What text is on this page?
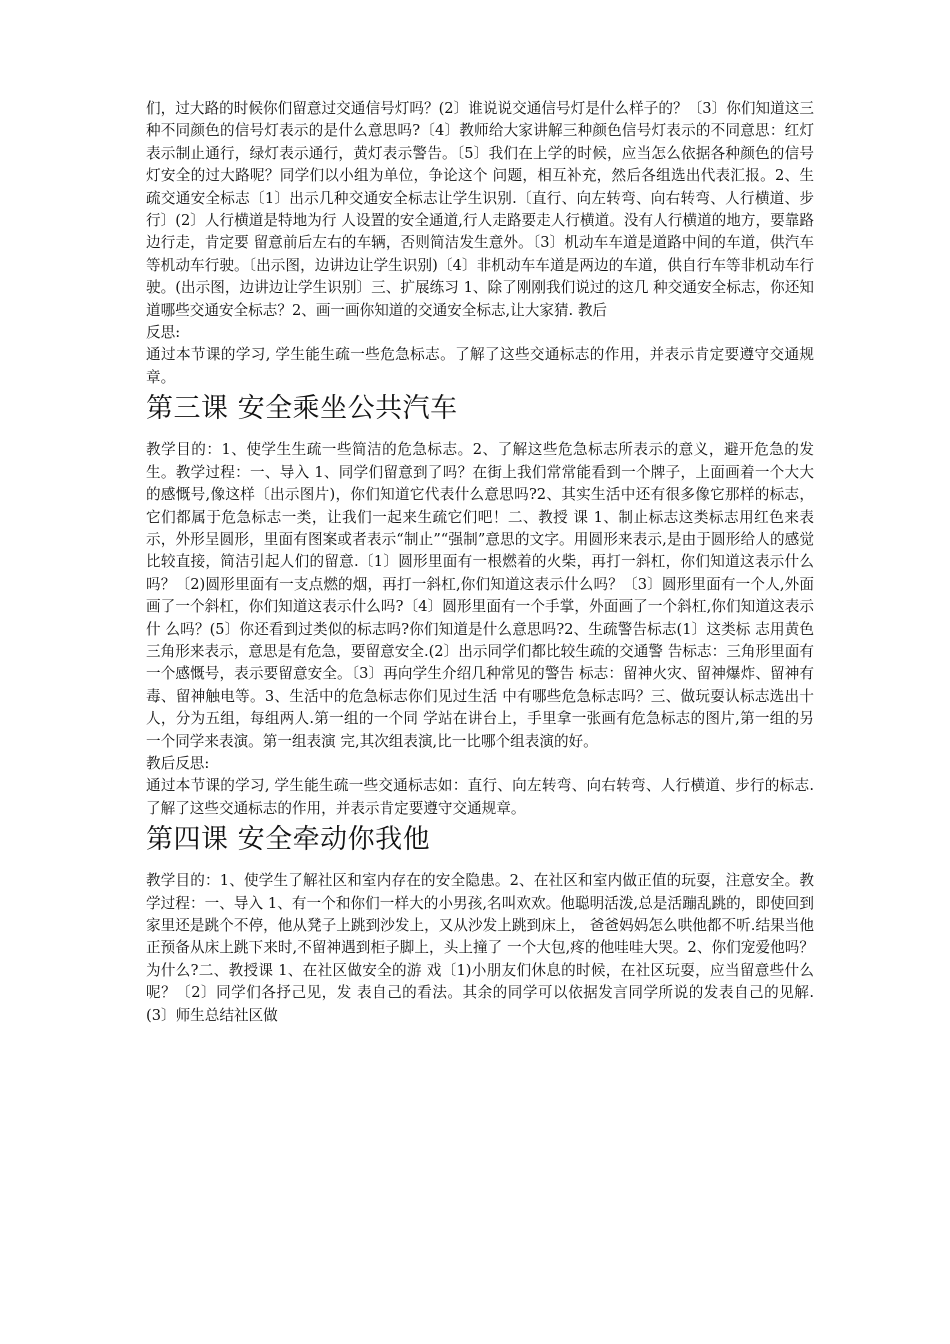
们，过大路的时候你们留意过交通信号灯吗？(2〕谁说说交通信号灯是什么样子的？〔3〕你们知道这三种不同颜色的信号灯表示的是什么意思吗?〔4〕教师给大家讲解三种颜色信号灯表示的不同意思：红灯表示制止通行，绿灯表示通行，黄灯表示警告。〔5〕我们在上学的时候，应当怎么依据各种颜色的信号灯安全的过大路呢？同学们以小组为单位，争论这个 问题，相互补充，然后各组选出代表汇报。2、生疏交通安全标志〔1〕出示几种交通安全标志让学生识别.〔直行、向左转弯、向右转弯、人行横道、步行〕(2〕人行横道是特地为行 人设置的安全通道,行人走路要走人行横道。没有人行横道的地方，要靠路边行走，肯定要 留意前后左右的车辆，否则简洁发生意外。〔3〕机动车车道是道路中间的车道，供汽车等机动车行驶。〔出示图，边讲边让学生识别)〔4〕非机动车车道是两边的车道，供自行车等非机动车行驶。(出示图，边讲边让学生识别〕三、扩展练习 1、除了刚刚我们说过的这几 种交通安全标志，你还知道哪些交通安全标志？2、画一画你知道的交通安全标志,让大家猜. 教后

反思:

通过本节课的学习, 学生能生疏一些危急标志。了解了这些交通标志的作用，并表示肯定要遵守交通规章。

第三课 安全乘坐公共汽车

教学目的：1、使学生生疏一些简洁的危急标志。2、了解这些危急标志所表示的意义，避开危急的发生。教学过程：一、导入 1、同学们留意到了吗？在街上我们常常能看到一个牌子，上面画着一个大大的感慨号,像这样〔出示图片)，你们知道它代表什么意思吗?2、其实生活中还有很多像它那样的标志，它们都属于危急标志一类，让我们一起来生疏它们吧！二、教授 课 1、制止标志这类标志用红色来表示，外形呈圆形，里面有图案或者表示“制止”“强制”意思的文字。用圆形来表示,是由于圆形给人的感觉比较直接，简洁引起人们的留意.〔1〕圆形里面有一根燃着的火柴，再打一斜杠，你们知道这表示什么吗？〔2)圆形里面有一支点燃的烟，再打一斜杠,你们知道这表示什么吗？〔3〕圆形里面有一个人,外面画了一个斜杠，你们知道这表示什么吗?〔4〕圆形里面有一个手掌，外面画了一个斜杠,你们知道这表示什 么吗？(5〕你还看到过类似的标志吗?你们知道是什么意思吗?2、生疏警告标志(1〕这类标 志用黄色三角形来表示，意思是有危急，要留意安全.(2〕出示同学们都比较生疏的交通警 告标志：三角形里面有一个感慨号，表示要留意安全。〔3〕再向学生介绍几种常见的警告 标志：留神火灾、留神爆炸、留神有毒、留神触电等。3、生活中的危急标志你们见过生活 中有哪些危急标志吗？三、做玩耍认标志选出十人，分为五组，每组两人.第一组的一个同 学站在讲台上，手里拿一张画有危急标志的图片,第一组的另一个同学来表演。第一组表演 完,其次组表演,比一比哪个组表演的好。

教后反思:

通过本节课的学习, 学生能生疏一些交通标志如：直行、向左转弯、向右转弯、人行横道、步行的标志.了解了这些交通标志的作用，并表示肯定要遵守交通规章。

第四课 安全牵动你我他

教学目的：1、使学生了解社区和室内存在的安全隐患。2、在社区和室内做正值的玩耍，注意安全。教学过程：一、导入 1、有一个和你们一样大的小男孩,名叫欢欢。他聪明活泼,总是活蹦乱跳的，即使回到家里还是跳个不停，他从凳子上跳到沙发上，又从沙发上跳到床上， 爸爸妈妈怎么哄他都不听.结果当他正预备从床上跳下来时,不留神遇到柜子脚上，头上撞了 一个大包,疼的他哇哇大哭。2、你们宠爱他吗？为什么?二、教授课 1、在社区做安全的游 戏〔1)小朋友们休息的时候，在社区玩耍，应当留意些什么呢？〔2〕同学们各抒己见，发 表自己的看法。其余的同学可以依据发言同学所说的发表自己的见解.(3〕师生总结社区做
